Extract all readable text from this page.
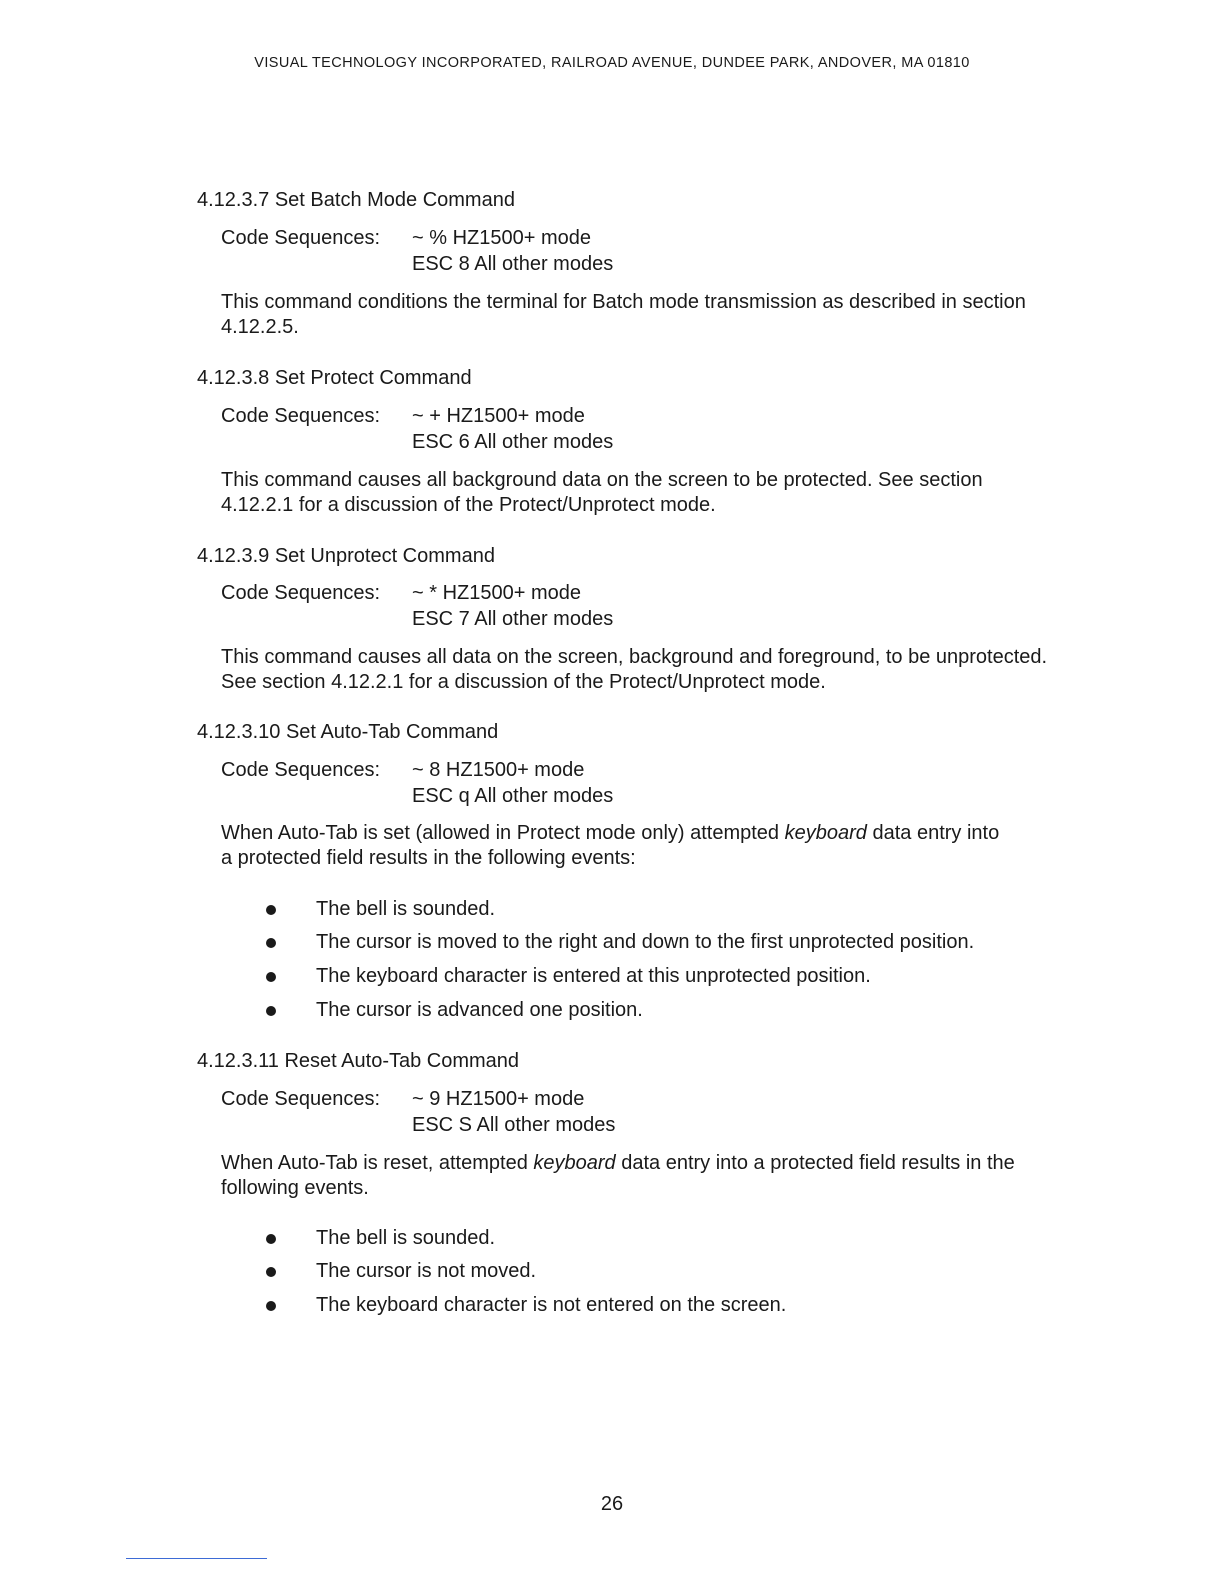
VISUAL TECHNOLOGY INCORPORATED, RAILROAD AVENUE, DUNDEE PARK, ANDOVER, MA 01810
4.12.3.7 Set Batch Mode Command
Code Sequences: ~ % HZ1500+ mode
ESC 8 All other modes
This command conditions the terminal for Batch mode transmission as described in section
4.12.2.5.
4.12.3.8 Set Protect Command
Code Sequences: ~ + HZ1500+ mode
ESC 6 All other modes
This command causes all background data on the screen to be protected. See section
4.12.2.1 for a discussion of the Protect/Unprotect mode.
4.12.3.9 Set Unprotect Command
Code Sequences: ~ * HZ1500+ mode
ESC 7 All other modes
This command causes all data on the screen, background and foreground, to be unprotected.
See section 4.12.2.1 for a discussion of the Protect/Unprotect mode.
4.12.3.10 Set Auto-Tab Command
Code Sequences: ~ 8 HZ1500+ mode
ESC q All other modes
When Auto-Tab is set (allowed in Protect mode only) attempted keyboard data entry into
a protected field results in the following events:
The bell is sounded.
The cursor is moved to the right and down to the first unprotected position.
The keyboard character is entered at this unprotected position.
The cursor is advanced one position.
4.12.3.11 Reset Auto-Tab Command
Code Sequences: ~ 9 HZ1500+ mode
ESC S All other modes
When Auto-Tab is reset, attempted keyboard data entry into a protected field results in the
following events.
The bell is sounded.
The cursor is not moved.
The keyboard character is not entered on the screen.
26
